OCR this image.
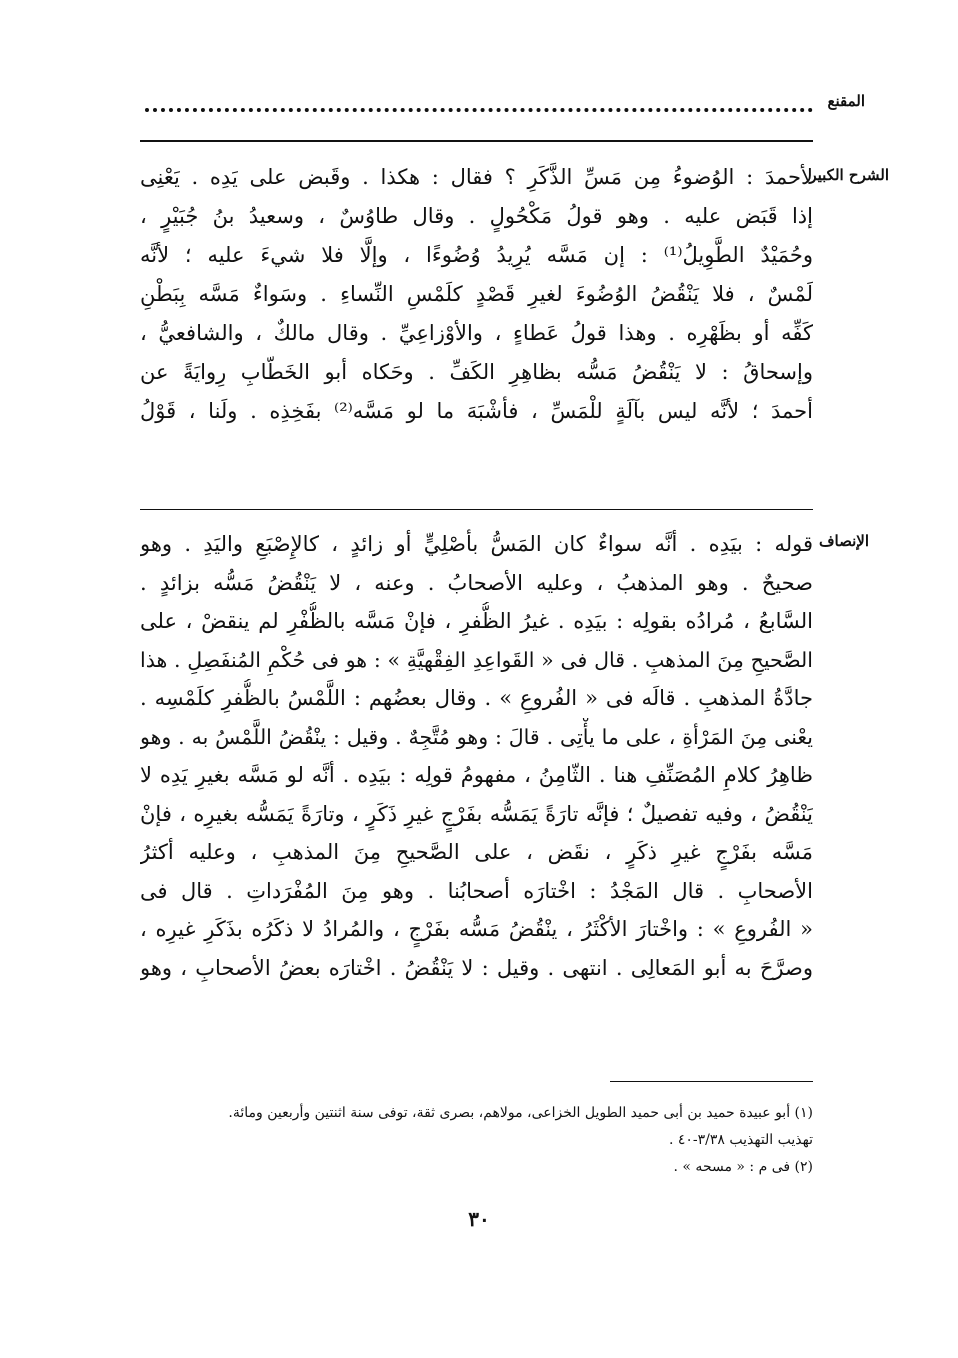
المقنع
الشرح الكبير
لأحمدَ : الوُضوءُ مِن مَسِّ الذَّكَرِ ؟ فقال : هكذا . وقَبض على يَدِه . يَعْنِى
إذا قَبَض عليه . وهو قولُ مَكْحُولٍ . وقال طاوُسٌ ، وسعيدُ بنُ جُبَيْرٍ ،
وحُمَيْدٌ الطَّوِيلُ⁽¹⁾ : إن مَسَّه يُرِيدُ وُضُوءًا ، وإلَّا فلا شيءَ عليه ؛ لأنَّه
لَمْسٌ ، فلا يَنْقُضُ الوُضُوءَ لغيرِ قَصْدٍ كلَمْسِ النِّساءِ . وسَواءٌ مَسَّه بِبَطْنِ
كَفِّه أو بظَهْرِه . وهذا قولُ عَطاءٍ ، والأوْزاعِيِّ . وقال مالكٌ ، والشافعيُّ ،
وإسحاقُ : لا يَنْقُضُ مَسُّه بظاهِرِ الكَفِّ . وحَكاه أبو الخَطّابِ رِوايَةً عن
أحمدَ ؛ لأنَّه ليس بآلَةٍ للْمَسِّ ، فأشْبَهَ ما لو مَسَّه⁽²⁾ بفَخِذِه . ولَنا ، قَوْلُ
الإنصاف
قوله : بيَدِه . أنَّه سواءٌ كان المَسُّ بأصْلِيٍّ أو زائدٍ ، كالإِصْبَعِ واليَدِ . وهو
صحيحٌ . وهو المذهبُ ، وعليه الأصحابُ . وعنه ، لا يَنْقُضُ مَسُّه بزائدٍ .
السَّابعُ ، مُرادُه بقولِه : بيَدِه . غيرُ الظُّفرِ ، فإنْ مَسَّه بالظُّفْرِ لم ينقضْ ، على
الصَّحيحِ مِنَ المذهبِ . قال فى « القَواعِدِ الفِقْهيَّةِ » : هو فى حُكْمِ المُنفَصِلِ . هذا
جادَّةُ المذهبِ . قالَه فى « الفُروعِ » . وقال بعضُهم : اللَّمْسُ بالظُّفرِ كلَمْسِه .
يعْنى مِنَ المَرْأةِ ، على ما يأْتِى . قالَ : وهو مُتَّجِهٌ . وقيل : ينْقُضُ اللَّمْسُ به . وهو
ظاهِرُ كلامِ المُصَنِّفِ هنا . الثّامِنُ ، مفهومُ قولِه : بيَدِه . أنَّه لو مَسَّه بغيرِ يَدِه لا
يَنْقُضُ ، وفيه تفصيلٌ ؛ فإنَّه تارَةً يَمَسُّه بفَرْجٍ غيرِ ذَكَرٍ ، وتارَةً يَمَسُّه بغيرِه ، فإنْ
مَسَّه بفَرْجٍ غيرِ ذكَرٍ ، نقَض ، على الصَّحيحِ مِنَ المذهبِ ، وعليه أكثرُ
الأصحابِ . قال المَجْدُ : اخْتارَه أصحابُنا . وهو مِنَ المُفْرَداتِ . قال فى
« الفُروعِ » : واخْتارَ الأكْثَرُ ، ينْقُضُ مَسُّه بفَرْجٍ ، والمُرادُ لا ذكَرُه بذَكَرِ غيرِه ،
وصرَّحَ به أبو المَعالِى . انتهى . وقيل : لا يَنْقُضُ . اخْتارَه بعضُ الأصحابِ ، وهو
(١) أبو عبيدة حميد بن أبى حميد الطويل الخزاعى، مولاهم، بصرى ثقة، توفى سنة اثنتين وأربعين ومائة.
تهذيب التهذيب ٣/٣٨-٤٠ .
(٢) فى م : « مسحه » .
٣٠
